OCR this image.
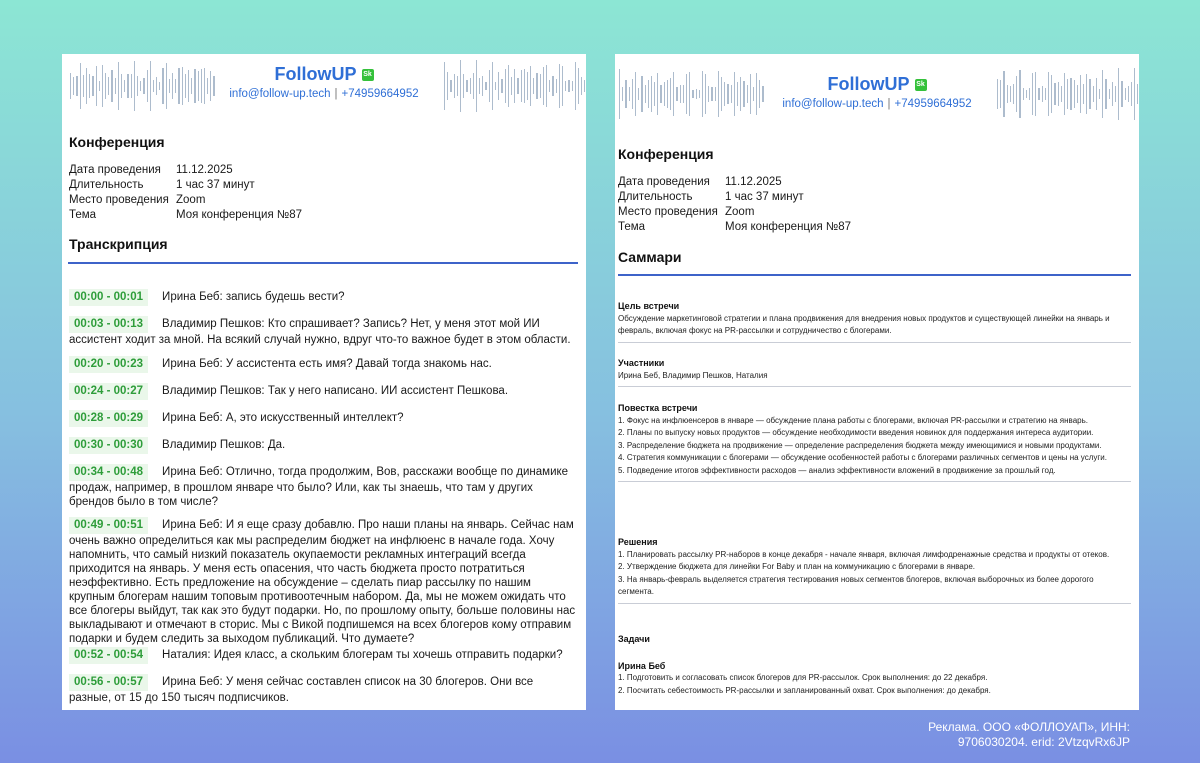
FollowUP Sk
info@follow-up.tech | +74959664952
Конференция
Дата проведения	11.12.2025
Длительность	1 час 37 минут
Место проведения Zoom
Тема	Моя конференция №87
Транскрипция
00:00 - 00:01 Ирина Беб: запись будешь вести?
00:03 - 00:13 Владимир Пешков: Кто спрашивает? Запись? Нет, у меня этот мой ИИ ассистент ходит за мной. На всякий случай нужно, вдруг что-то важное будет в этом области.
00:20 - 00:23 Ирина Беб: У ассистента есть имя? Давай тогда знакомь нас.
00:24 - 00:27 Владимир Пешков: Так у него написано. ИИ ассистент Пешкова.
00:28 - 00:29 Ирина Беб: А, это искусственный интеллект?
00:30 - 00:30 Владимир Пешков: Да.
00:34 - 00:48 Ирина Беб: Отлично, тогда продолжим, Вов, расскажи вообще по динамике продаж, например, в прошлом январе что было? Или, как ты знаешь, что там у других брендов было в том числе?
00:49 - 00:51 Ирина Беб: И я еще сразу добавлю. Про наши планы на январь. Сейчас нам очень важно определиться как мы распределим бюджет на инфлюенс в начале года. Хочу напомнить, что самый низкий показатель окупаемости рекламных интеграций всегда приходится на январь. У меня есть опасения, что часть бюджета просто потратиться неэффективно. Есть предложение на обсуждение – сделать пиар рассылку по нашим крупным блогерам нашим топовым противоотечным набором. Да, мы не можем ожидать что все блогеры выйдут, так как это будут подарки. Но, по прошлому опыту, больше половины нас выкладывают и отмечают в сторис. Мы с Викой подпишемся на всех блогеров кому отправим подарки и будем следить за выходом публикаций. Что думаете?
00:52 - 00:54 Наталия: Идея класс, а скольким блогерам ты хочешь отправить подарки?
00:56 - 00:57 Ирина Беб: У меня сейчас составлен список на 30 блогеров. Они все разные, от 15 до 150 тысяч подписчиков.
FollowUP Sk
info@follow-up.tech | +74959664952
Конференция
Дата проведения	11.12.2025
Длительность	1 час 37 минут
Место проведения Zoom
Тема	Моя конференция №87
Саммари
Цель встречи
Обсуждение маркетинговой стратегии и плана продвижения для внедрения новых продуктов и существующей линейки на январь и февраль, включая фокус на PR-рассылки и сотрудничество с блогерами.
Участники
Ирина Беб, Владимир Пешков, Наталия
Повестка встречи
1. Фокус на инфлюенсеров в январе — обсуждение плана работы с блогерами, включая PR-рассылки и стратегию на январь.
2. Планы по выпуску новых продуктов — обсуждение необходимости введения новинок для поддержания интереса аудитории.
3. Распределение бюджета на продвижение — определение распределения бюджета между имеющимися и новыми продуктами.
4. Стратегия коммуникации с блогерами — обсуждение особенностей работы с блогерами различных сегментов и цены на услуги.
5. Подведение итогов эффективности расходов — анализ эффективности вложений в продвижение за прошлый год.
Решения
1. Планировать рассылку PR-наборов в конце декабря - начале января, включая лимфодренажные средства и продукты от отеков.
2. Утверждение бюджета для линейки For Baby и план на коммуникацию с блогерами в январе.
3. На январь-февраль выделяется стратегия тестирования новых сегментов блогеров, включая выборочных из более дорогого сегмента.
Задачи
Ирина Беб
1. Подготовить и согласовать список блогеров для PR-рассылок. Срок выполнения: до 22 декабря.
2. Посчитать себестоимость PR-рассылки и запланированный охват. Срок выполнения: до декабря.
Реклама. ООО «ФОЛЛОУАП», ИНН:
9706030204. erid: 2VtzqvRx6JP
